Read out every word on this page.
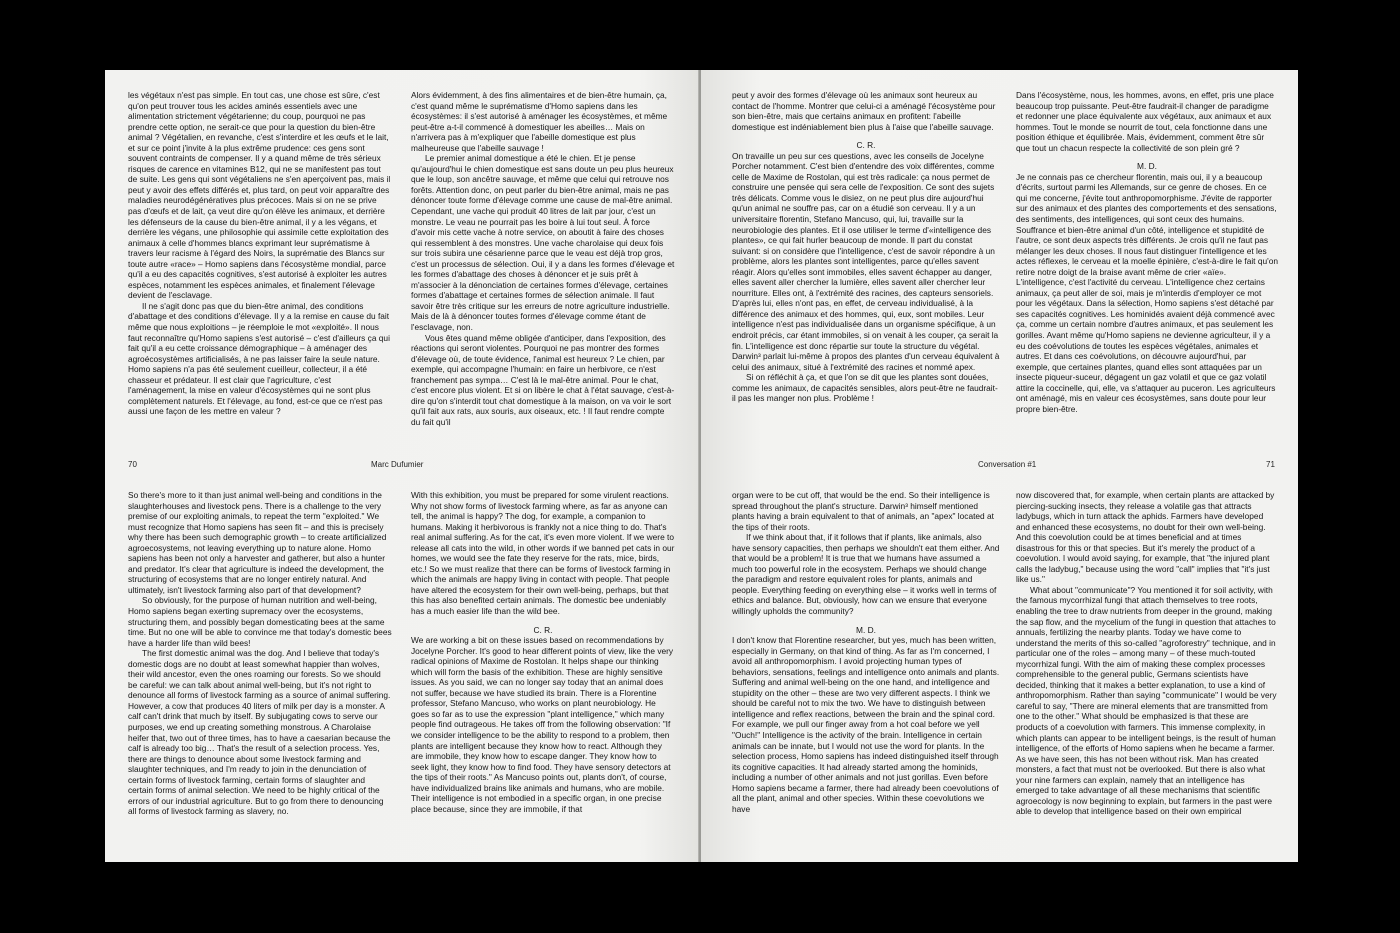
les végétaux n'est pas simple. En tout cas, une chose est sûre, c'est qu'on peut trouver tous les acides aminés essentiels avec une alimentation strictement végétarienne; du coup, pourquoi ne pas prendre cette option, ne serait-ce que pour la question du bien-être animal ? Végétalien, en revanche, c'est s'interdire et les œufs et le lait, et sur ce point j'invite à la plus extrême prudence: ces gens sont souvent contraints de compenser. Il y a quand même de très sérieux risques de carence en vitamines B12, qui ne se manifestent pas tout de suite. Les gens qui sont végétaliens ne s'en aperçoivent pas, mais il peut y avoir des effets différés et, plus tard, on peut voir apparaître des maladies neurodégénératives plus précoces. Mais si on ne se prive pas d'œufs et de lait, ça veut dire qu'on élève les animaux, et derrière les défenseurs de la cause du bien-être animal, il y a les végans, et derrière les végans, une philosophie qui assimile cette exploitation des animaux à celle d'hommes blancs exprimant leur suprématisme à travers leur racisme à l'égard des Noirs, la suprématie des Blancs sur toute autre «race» – Homo sapiens dans l'écosystème mondial, parce qu'il a eu des capacités cognitives, s'est autorisé à exploiter les autres espèces, notamment les espèces animales, et finalement l'élevage devient de l'esclavage.

Il ne s'agit donc pas que du bien-être animal, des conditions d'abattage et des conditions d'élevage. Il y a la remise en cause du fait même que nous exploitions – je réemploie le mot «exploité». Il nous faut reconnaître qu'Homo sapiens s'est autorisé – c'est d'ailleurs ça qui fait qu'il a eu cette croissance démographique – à aménager des agroécosystèmes artificialisés, à ne pas laisser faire la seule nature. Homo sapiens n'a pas été seulement cueilleur, collecteur, il a été chasseur et prédateur. Il est clair que l'agriculture, c'est l'aménagement, la mise en valeur d'écosystèmes qui ne sont plus complètement naturels. Et l'élevage, au fond, est-ce que ce n'est pas aussi une façon de les mettre en valeur ?

Alors évidemment, à des fins alimentaires et de bien-être humain, ça, c'est quand même le suprématisme d'Homo sapiens dans les écosystèmes: il s'est autorisé à aménager les écosystèmes, et même peut-être a-t-il commencé à domestiquer les abeilles… Mais on n'arrivera pas à m'expliquer que l'abeille domestique est plus malheureuse que l'abeille sauvage !

Le premier animal domestique a été le chien. Et je pense qu'aujourd'hui le chien domestique est sans doute un peu plus heureux que le loup, son ancêtre sauvage, et même que celui qui retrouve nos forêts. Attention donc, on peut parler du bien-être animal, mais ne pas dénoncer toute forme d'élevage comme une cause de mal-être animal. Cependant, une vache qui produit 40 litres de lait par jour, c'est un monstre. Le veau ne pourrait pas les boire à lui tout seul. À force d'avoir mis cette vache à notre service, on aboutit à faire des choses qui ressemblent à des monstres. Une vache charolaise qui deux fois sur trois subira une césarienne parce que le veau est déjà trop gros, c'est un processus de sélection. Oui, il y a dans les formes d'élevage et les formes d'abattage des choses à dénoncer et je suis prêt à m'associer à la dénonciation de certaines formes d'élevage, certaines formes d'abattage et certaines formes de sélection animale. Il faut savoir être très critique sur les erreurs de notre agriculture industrielle. Mais de là à dénoncer toutes formes d'élevage comme étant de l'esclavage, non.

Vous êtes quand même obligée d'anticiper, dans l'exposition, des réactions qui seront violentes. Pourquoi ne pas montrer des formes d'élevage où, de toute évidence, l'animal est heureux ? Le chien, par exemple, qui accompagne l'humain: en faire un herbivore, ce n'est franchement pas sympa… C'est là le mal-être animal. Pour le chat, c'est encore plus violent. Et si on libère le chat à l'état sauvage, c'est-à-dire qu'on s'interdit tout chat domestique à la maison, on va voir le sort qu'il fait aux rats, aux souris, aux oiseaux, etc. ! Il faut rendre compte du fait qu'il

70	Marc Dufumier

So there's more to it than just animal well-being and conditions in the slaughterhouses and livestock pens. There is a challenge to the very premise of our exploiting animals, to repeat the term "exploited." We must recognize that Homo sapiens has seen fit – and this is precisely why there has been such demographic growth – to create artificialized agroecosystems, not leaving everything up to nature alone. Homo sapiens has been not only a harvester and gatherer, but also a hunter and predator. It's clear that agriculture is indeed the development, the structuring of ecosystems that are no longer entirely natural. And ultimately, isn't livestock farming also part of that development?

So obviously, for the purpose of human nutrition and well-being, Homo sapiens began exerting supremacy over the ecosystems, structuring them, and possibly began domesticating bees at the same time. But no one will be able to convince me that today's domestic bees have a harder life than wild bees!

The first domestic animal was the dog. And I believe that today's domestic dogs are no doubt at least somewhat happier than wolves, their wild ancestor, even the ones roaming our forests. So we should be careful: we can talk about animal well-being, but it's not right to denounce all forms of livestock farming as a source of animal suffering. However, a cow that produces 40 liters of milk per day is a monster. A calf can't drink that much by itself. By subjugating cows to serve our purposes, we end up creating something monstrous. A Charolaise heifer that, two out of three times, has to have a caesarian because the calf is already too big… That's the result of a selection process. Yes, there are things to denounce about some livestock farming and slaughter techniques, and I'm ready to join in the denunciation of certain forms of livestock farming, certain forms of slaughter and certain forms of animal selection. We need to be highly critical of the errors of our industrial agriculture. But to go from there to denouncing all forms of livestock farming as slavery, no.

With this exhibition, you must be prepared for some virulent reactions. Why not show forms of livestock farming where, as far as anyone can tell, the animal is happy? The dog, for example, a companion to humans. Making it herbivorous is frankly not a nice thing to do. That's real animal suffering. As for the cat, it's even more violent. If we were to release all cats into the wild, in other words if we banned pet cats in our homes, we would see the fate they reserve for the rats, mice, birds, etc.! So we must realize that there can be forms of livestock farming in which the animals are happy living in contact with people. That people have altered the ecosystem for their own well-being, perhaps, but that this has also benefited certain animals. The domestic bee undeniably has a much easier life than the wild bee.

C. R.

We are working a bit on these issues based on recommendations by Jocelyne Porcher. It's good to hear different points of view, like the very radical opinions of Maxime de Rostolan. It helps shape our thinking which will form the basis of the exhibition. These are highly sensitive issues. As you said, we can no longer say today that an animal does not suffer, because we have studied its brain. There is a Florentine professor, Stefano Mancuso, who works on plant neurobiology. He goes so far as to use the expression "plant intelligence," which many people find outrageous. He takes off from the following observation: "If we consider intelligence to be the ability to respond to a problem, then plants are intelligent because they know how to react. Although they are immobile, they know how to escape danger. They know how to seek light, they know how to find food. They have sensory detectors at the tips of their roots." As Mancuso points out, plants don't, of course, have individualized brains like animals and humans, who are mobile. Their intelligence is not embodied in a specific organ, in one precise place because, since they are immobile, if that

peut y avoir des formes d'élevage où les animaux sont heureux au contact de l'homme. Montrer que celui-ci a aménagé l'écosystème pour son bien-être, mais que certains animaux en profitent: l'abeille domestique est indéniablement bien plus à l'aise que l'abeille sauvage.

C. R.

On travaille un peu sur ces questions, avec les conseils de Jocelyne Porcher notamment. C'est bien d'entendre des voix différentes, comme celle de Maxime de Rostolan, qui est très radicale: ça nous permet de construire une pensée qui sera celle de l'exposition. Ce sont des sujets très délicats. Comme vous le disiez, on ne peut plus dire aujourd'hui qu'un animal ne souffre pas, car on a étudié son cerveau. Il y a un universitaire florentin, Stefano Mancuso, qui, lui, travaille sur la neurobiologie des plantes. Et il ose utiliser le terme d'«intelligence des plantes», ce qui fait hurler beaucoup de monde. Il part du constat suivant: si on considère que l'intelligence, c'est de savoir répondre à un problème, alors les plantes sont intelligentes, parce qu'elles savent réagir. Alors qu'elles sont immobiles, elles savent échapper au danger, elles savent aller chercher la lumière, elles savent aller chercher leur nourriture. Elles ont, à l'extrémité des racines, des capteurs sensoriels. D'après lui, elles n'ont pas, en effet, de cerveau individualisé, à la différence des animaux et des hommes, qui, eux, sont mobiles. Leur intelligence n'est pas individualisée dans un organisme spécifique, à un endroit précis, car étant immobiles, si on venait à les couper, ça serait la fin. L'intelligence est donc répartie sur toute la structure du végétal. Darwin³ parlait lui-même à propos des plantes d'un cerveau équivalent à celui des animaux, situé à l'extrémité des racines et nommé apex.

Si on réfléchit à ça, et que l'on se dit que les plantes sont douées, comme les animaux, de capacités sensibles, alors peut-être ne faudrait-il pas les manger non plus. Problème !

Dans l'écosystème, nous, les hommes, avons, en effet, pris une place beaucoup trop puissante. Peut-être faudrait-il changer de paradigme et redonner une place équivalente aux végétaux, aux animaux et aux hommes. Tout le monde se nourrit de tout, cela fonctionne dans une position éthique et équilibrée. Mais, évidemment, comment être sûr que tout un chacun respecte la collectivité de son plein gré ?

M. D.

Je ne connais pas ce chercheur florentin, mais oui, il y a beaucoup d'écrits, surtout parmi les Allemands, sur ce genre de choses. En ce qui me concerne, j'évite tout anthropomorphisme. J'évite de rapporter sur des animaux et des plantes des comportements et des sensations, des sentiments, des intelligences, qui sont ceux des humains. Souffrance et bien-être animal d'un côté, intelligence et stupidité de l'autre, ce sont deux aspects très différents. Je crois qu'il ne faut pas mélanger les deux choses. Il nous faut distinguer l'intelligence et les actes réflexes, le cerveau et la moelle épinière, c'est-à-dire le fait qu'on retire notre doigt de la braise avant même de crier «aïe». L'intelligence, c'est l'activité du cerveau. L'intelligence chez certains animaux, ça peut aller de soi, mais je m'interdis d'employer ce mot pour les végétaux. Dans la sélection, Homo sapiens s'est détaché par ses capacités cognitives. Les hominidés avaient déjà commencé avec ça, comme un certain nombre d'autres animaux, et pas seulement les gorilles. Avant même qu'Homo sapiens ne devienne agriculteur, il y a eu des coévolutions de toutes les espèces végétales, animales et autres. Et dans ces coévolutions, on découvre aujourd'hui, par exemple, que certaines plantes, quand elles sont attaquées par un insecte piqueur-suceur, dégagent un gaz volatil et que ce gaz volatil attire la coccinelle, qui, elle, va s'attaquer au puceron. Les agriculteurs ont aménagé, mis en valeur ces écosystèmes, sans doute pour leur propre bien-être.

Conversation #1	71

organ were to be cut off, that would be the end. So their intelligence is spread throughout the plant's structure. Darwin³ himself mentioned plants having a brain equivalent to that of animals, an "apex" located at the tips of their roots.

If we think about that, if it follows that if plants, like animals, also have sensory capacities, then perhaps we shouldn't eat them either. And that would be a problem! It is true that we humans have assumed a much too powerful role in the ecosystem. Perhaps we should change the paradigm and restore equivalent roles for plants, animals and people. Everything feeding on everything else – it works well in terms of ethics and balance. But, obviously, how can we ensure that everyone willingly upholds the community?

M. D.

I don't know that Florentine researcher, but yes, much has been written, especially in Germany, on that kind of thing. As far as I'm concerned, I avoid all anthropomorphism. I avoid projecting human types of behaviors, sensations, feelings and intelligence onto animals and plants. Suffering and animal well-being on the one hand, and intelligence and stupidity on the other – these are two very different aspects. I think we should be careful not to mix the two. We have to distinguish between intelligence and reflex reactions, between the brain and the spinal cord. For example, we pull our finger away from a hot coal before we yell "Ouch!" Intelligence is the activity of the brain. Intelligence in certain animals can be innate, but I would not use the word for plants. In the selection process, Homo sapiens has indeed distinguished itself through its cognitive capacities. It had already started among the hominids, including a number of other animals and not just gorillas. Even before Homo sapiens became a farmer, there had already been coevolutions of all the plant, animal and other species. Within these coevolutions we have

now discovered that, for example, when certain plants are attacked by piercing-sucking insects, they release a volatile gas that attracts ladybugs, which in turn attack the aphids. Farmers have developed and enhanced these ecosystems, no doubt for their own well-being. And this coevolution could be at times beneficial and at times disastrous for this or that species. But it's merely the product of a coevolution. I would avoid saying, for example, that "the injured plant calls the ladybug," because using the word "call" implies that "it's just like us."

What about "communicate"? You mentioned it for soil activity, with the famous mycorrhizal fungi that attach themselves to tree roots, enabling the tree to draw nutrients from deeper in the ground, making the sap flow, and the mycelium of the fungi in question that attaches to annuals, fertilizing the nearby plants. Today we have come to understand the merits of this so-called "agroforestry" technique, and in particular one of the roles – among many – of these much-touted mycorrhizal fungi. With the aim of making these complex processes comprehensible to the general public, Germans scientists have decided, thinking that it makes a better explanation, to use a kind of anthropomorphism. Rather than saying "communicate" I would be very careful to say, "There are mineral elements that are transmitted from one to the other." What should be emphasized is that these are products of a coevolution with farmers. This immense complexity, in which plants can appear to be intelligent beings, is the result of human intelligence, of the efforts of Homo sapiens when he became a farmer. As we have seen, this has not been without risk. Man has created monsters, a fact that must not be overlooked. But there is also what your nine farmers can explain, namely that an intelligence has emerged to take advantage of all these mechanisms that scientific agroecology is now beginning to explain, but farmers in the past were able to develop that intelligence based on their own empirical
